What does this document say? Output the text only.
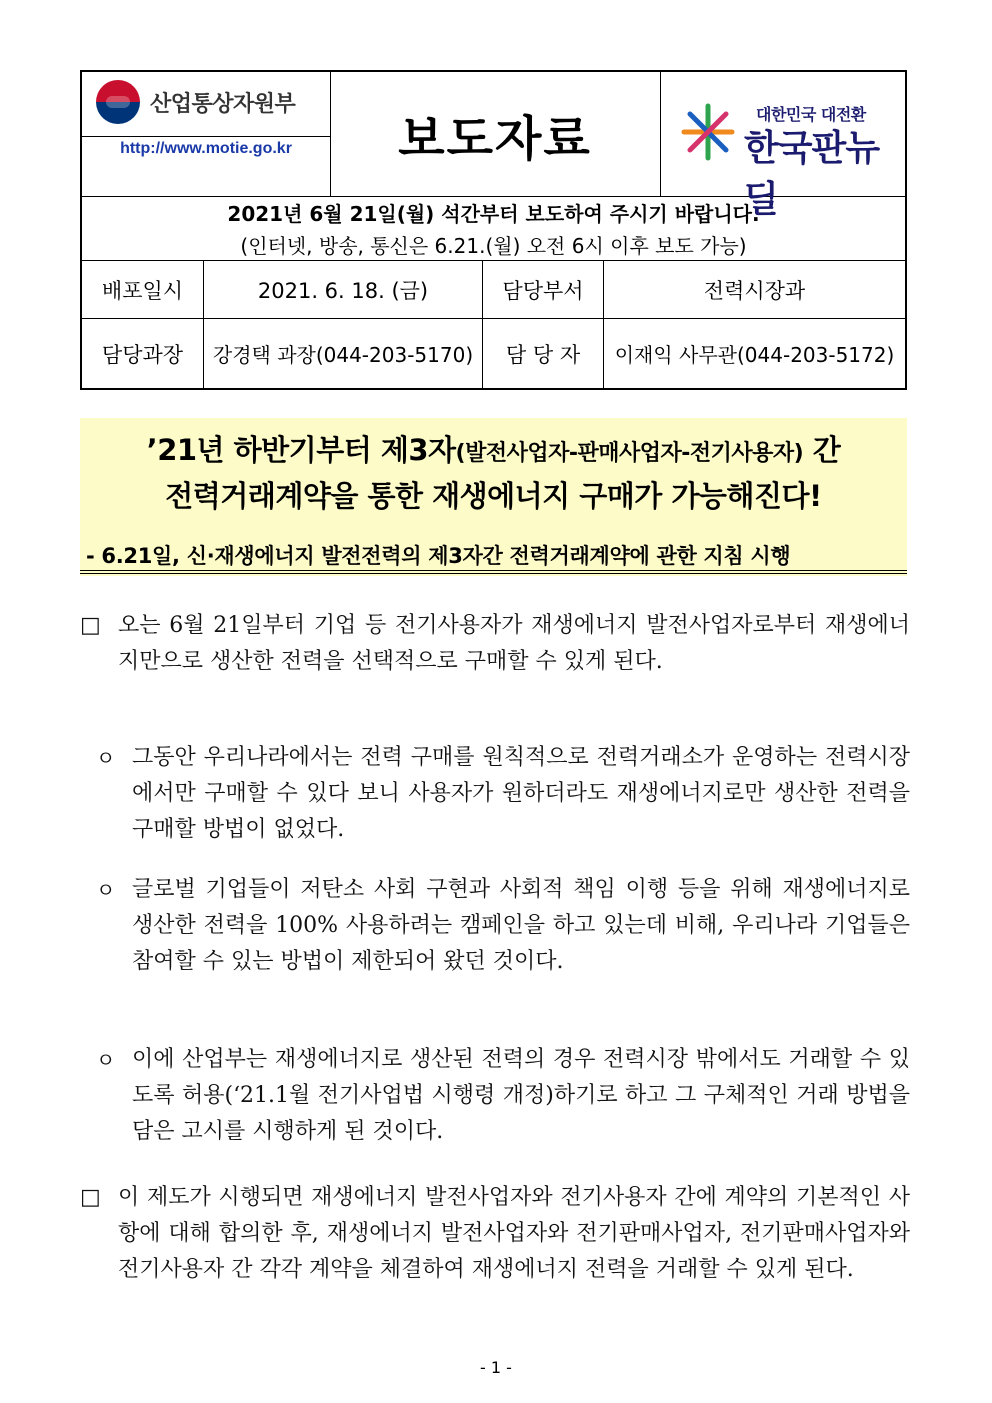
산업통상자원부
http://www.motie.go.kr	보도자료	대한민국 대전환
한국판뉴딜
2021년 6월 21일(월) 석간부터 보도하여 주시기 바랍니다.
(인터넷, 방송, 통신은 6.21.(월) 오전 6시 이후 보도 가능)
배포일시	2021. 6. 18. (금)	담당부서	전력시장과
담당과장	강경택 과장(044-203-5170)	담 당 자	이재익 사무관(044-203-5172)
’21년 하반기부터 제3자(발전사업자-판매사업자-전기사용자) 간
전력거래계약을 통한 재생에너지 구매가 가능해진다!
- 6.21일, 신·재생에너지 발전전력의 제3자간 전력거래계약에 관한 지침 시행
□ 오는 6월 21일부터 기업 등 전기사용자가 재생에너지 발전사업자로부터 재생에너지만으로 생산한 전력을 선택적으로 구매할 수 있게 된다.
ㅇ 그동안 우리나라에서는 전력 구매를 원칙적으로 전력거래소가 운영하는 전력시장에서만 구매할 수 있다 보니 사용자가 원하더라도 재생에너지로만 생산한 전력을 구매할 방법이 없었다.
ㅇ 글로벌 기업들이 저탄소 사회 구현과 사회적 책임 이행 등을 위해 재생에너지로 생산한 전력을 100% 사용하려는 캠페인을 하고 있는데 비해, 우리나라 기업들은 참여할 수 있는 방법이 제한되어 왔던 것이다.
ㅇ 이에 산업부는 재생에너지로 생산된 전력의 경우 전력시장 밖에서도 거래할 수 있도록 허용(‘21.1월 전기사업법 시행령 개정)하기로 하고 그 구체적인 거래 방법을 담은 고시를 시행하게 된 것이다.
□ 이 제도가 시행되면 재생에너지 발전사업자와 전기사용자 간에 계약의 기본적인 사항에 대해 합의한 후, 재생에너지 발전사업자와 전기판매사업자, 전기판매사업자와 전기사용자 간 각각 계약을 체결하여 재생에너지 전력을 거래할 수 있게 된다.
- 1 -
